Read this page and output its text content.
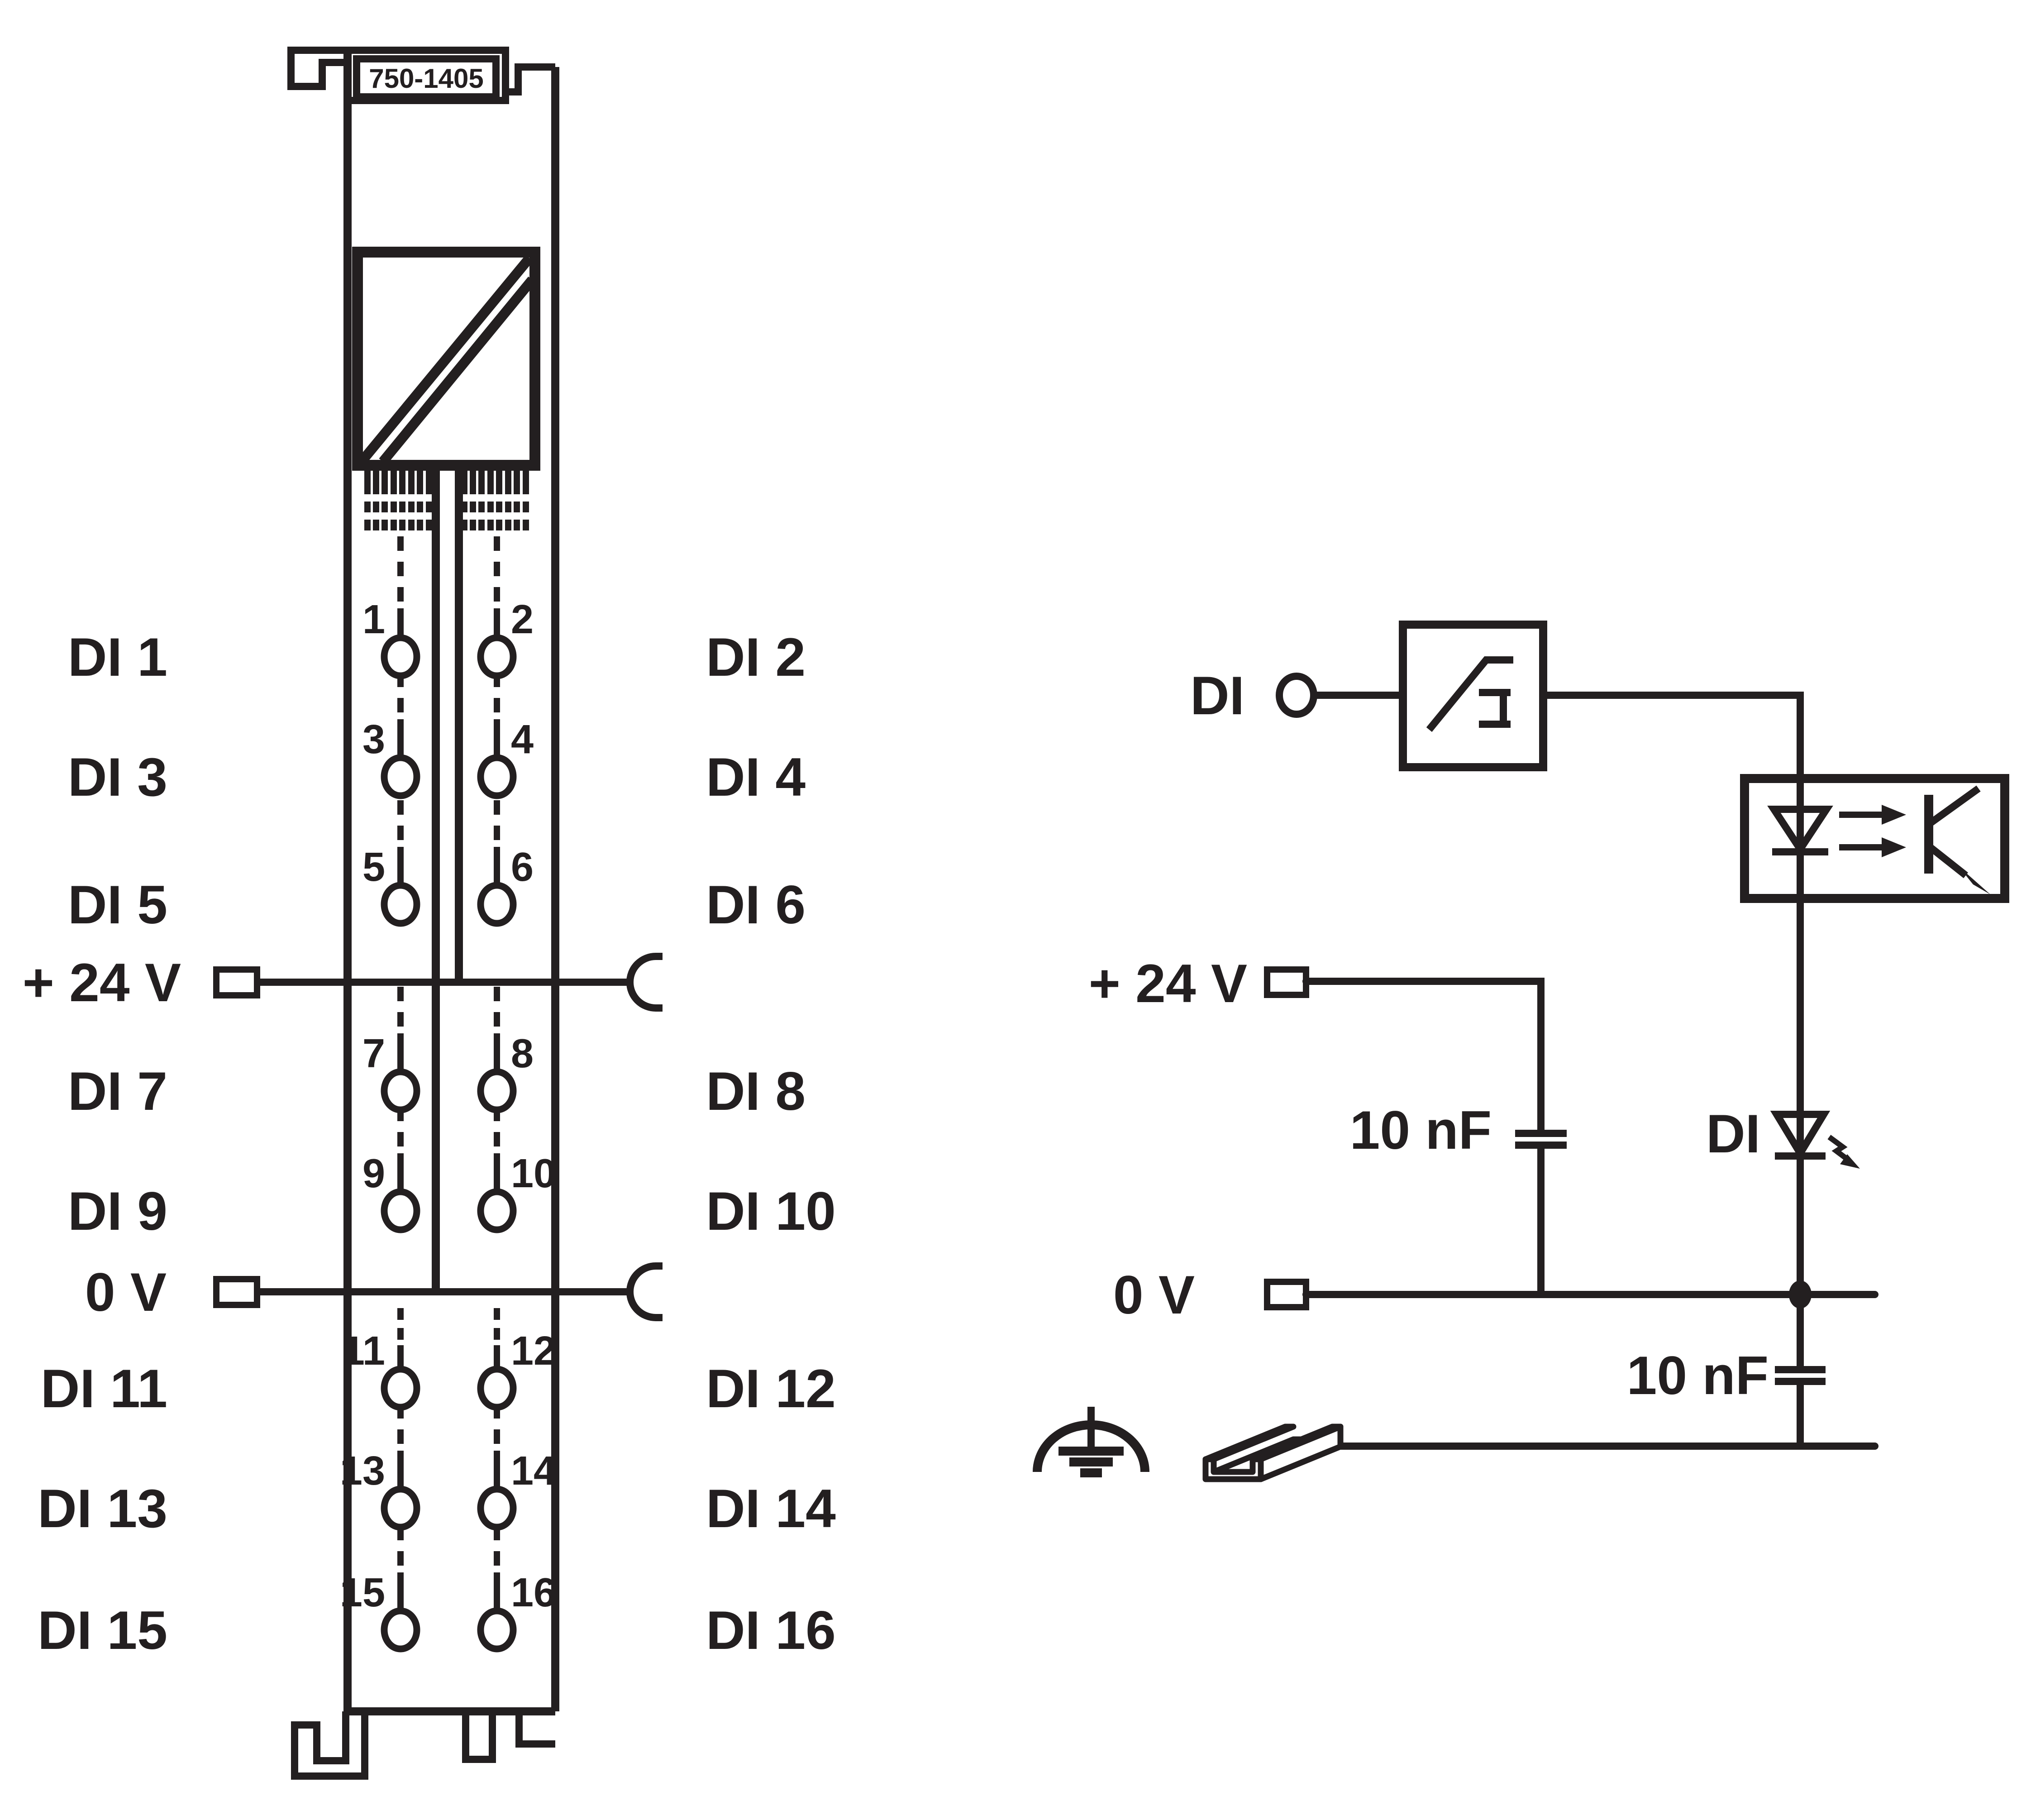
750-1405
+ 24 V
0 V
DI 1	DI 2
1	2
DI 3	DI 4
3	4
DI 5	DI 6
5	6
DI 7	DI 8
7	8
DI 9	DI 10
9	10
DI 11	DI 12
11	12
DI 13	DI 14
13	14
DI 15	DI 16
15	16
DI
+ 24 V
10 nF	DI
0 V
10 nF
